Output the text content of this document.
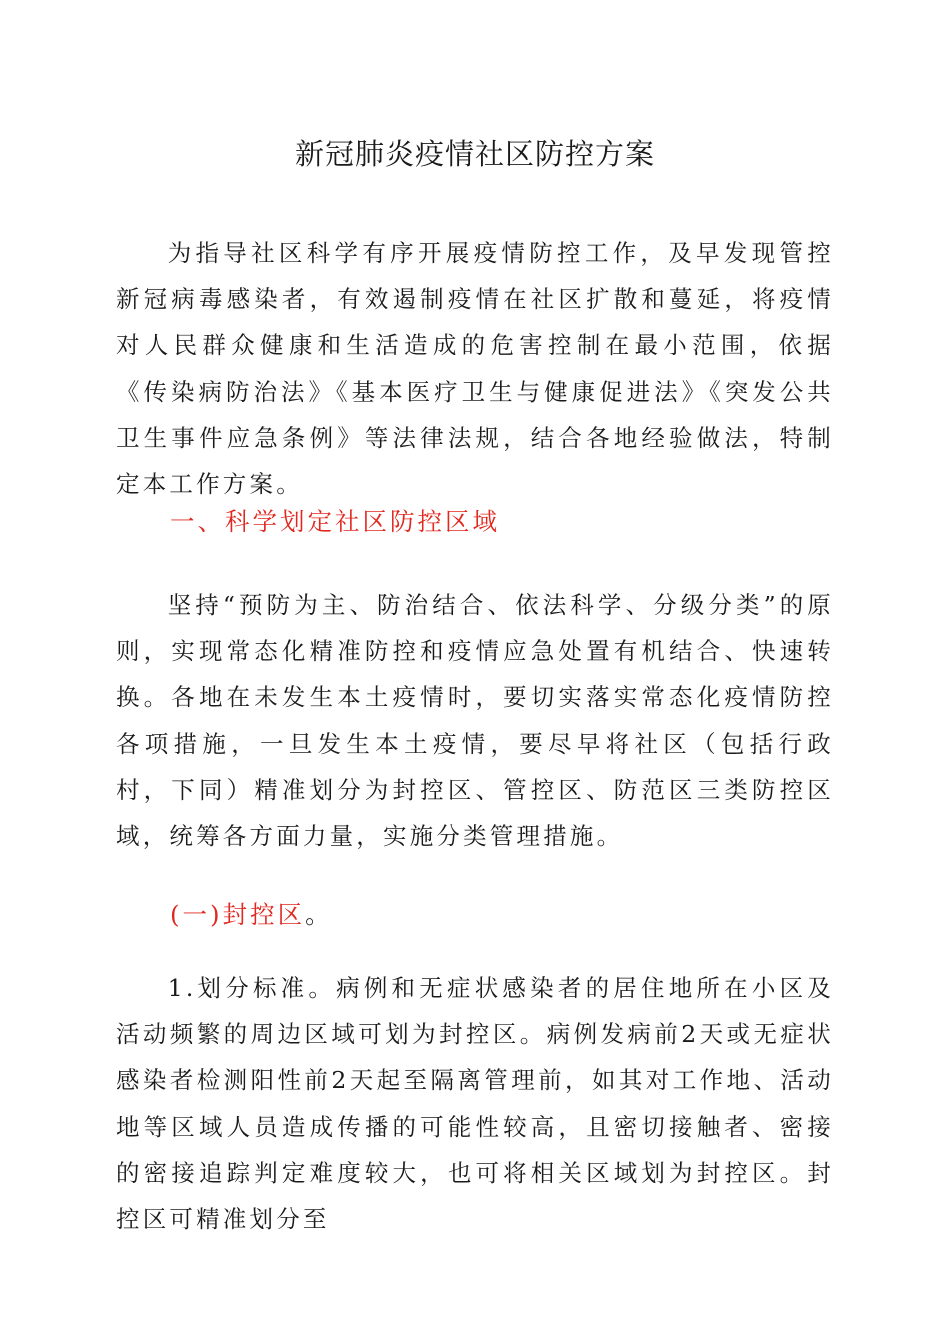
新冠肺炎疫情社区防控方案

为指导社区科学有序开展疫情防控工作，及早发现管控新冠病毒感染者，有效遏制疫情在社区扩散和蔓延，将疫情对人民群众健康和生活造成的危害控制在最小范围，依据《传染病防治法》《基本医疗卫生与健康促进法》《突发公共卫生事件应急条例》等法律法规，结合各地经验做法，特制定本工作方案。

一、科学划定社区防控区域

坚持“预防为主、防治结合、依法科学、分级分类”的原则，实现常态化精准防控和疫情应急处置有机结合、快速转换。各地在未发生本土疫情时，要切实落实常态化疫情防控各项措施，一旦发生本土疫情，要尽早将社区（包括行政村，下同）精准划分为封控区、管控区、防范区三类防控区域，统筹各方面力量，实施分类管理措施。

(一)封控区。

1.划分标准。病例和无症状感染者的居住地所在小区及活动频繁的周边区域可划为封控区。病例发病前2天或无症状感染者检测阳性前2天起至隔离管理前，如其对工作地、活动地等区域人员造成传播的可能性较高，且密切接触者、密接的密接追踪判定难度较大，也可将相关区域划为封控区。封控区可精准划分至
